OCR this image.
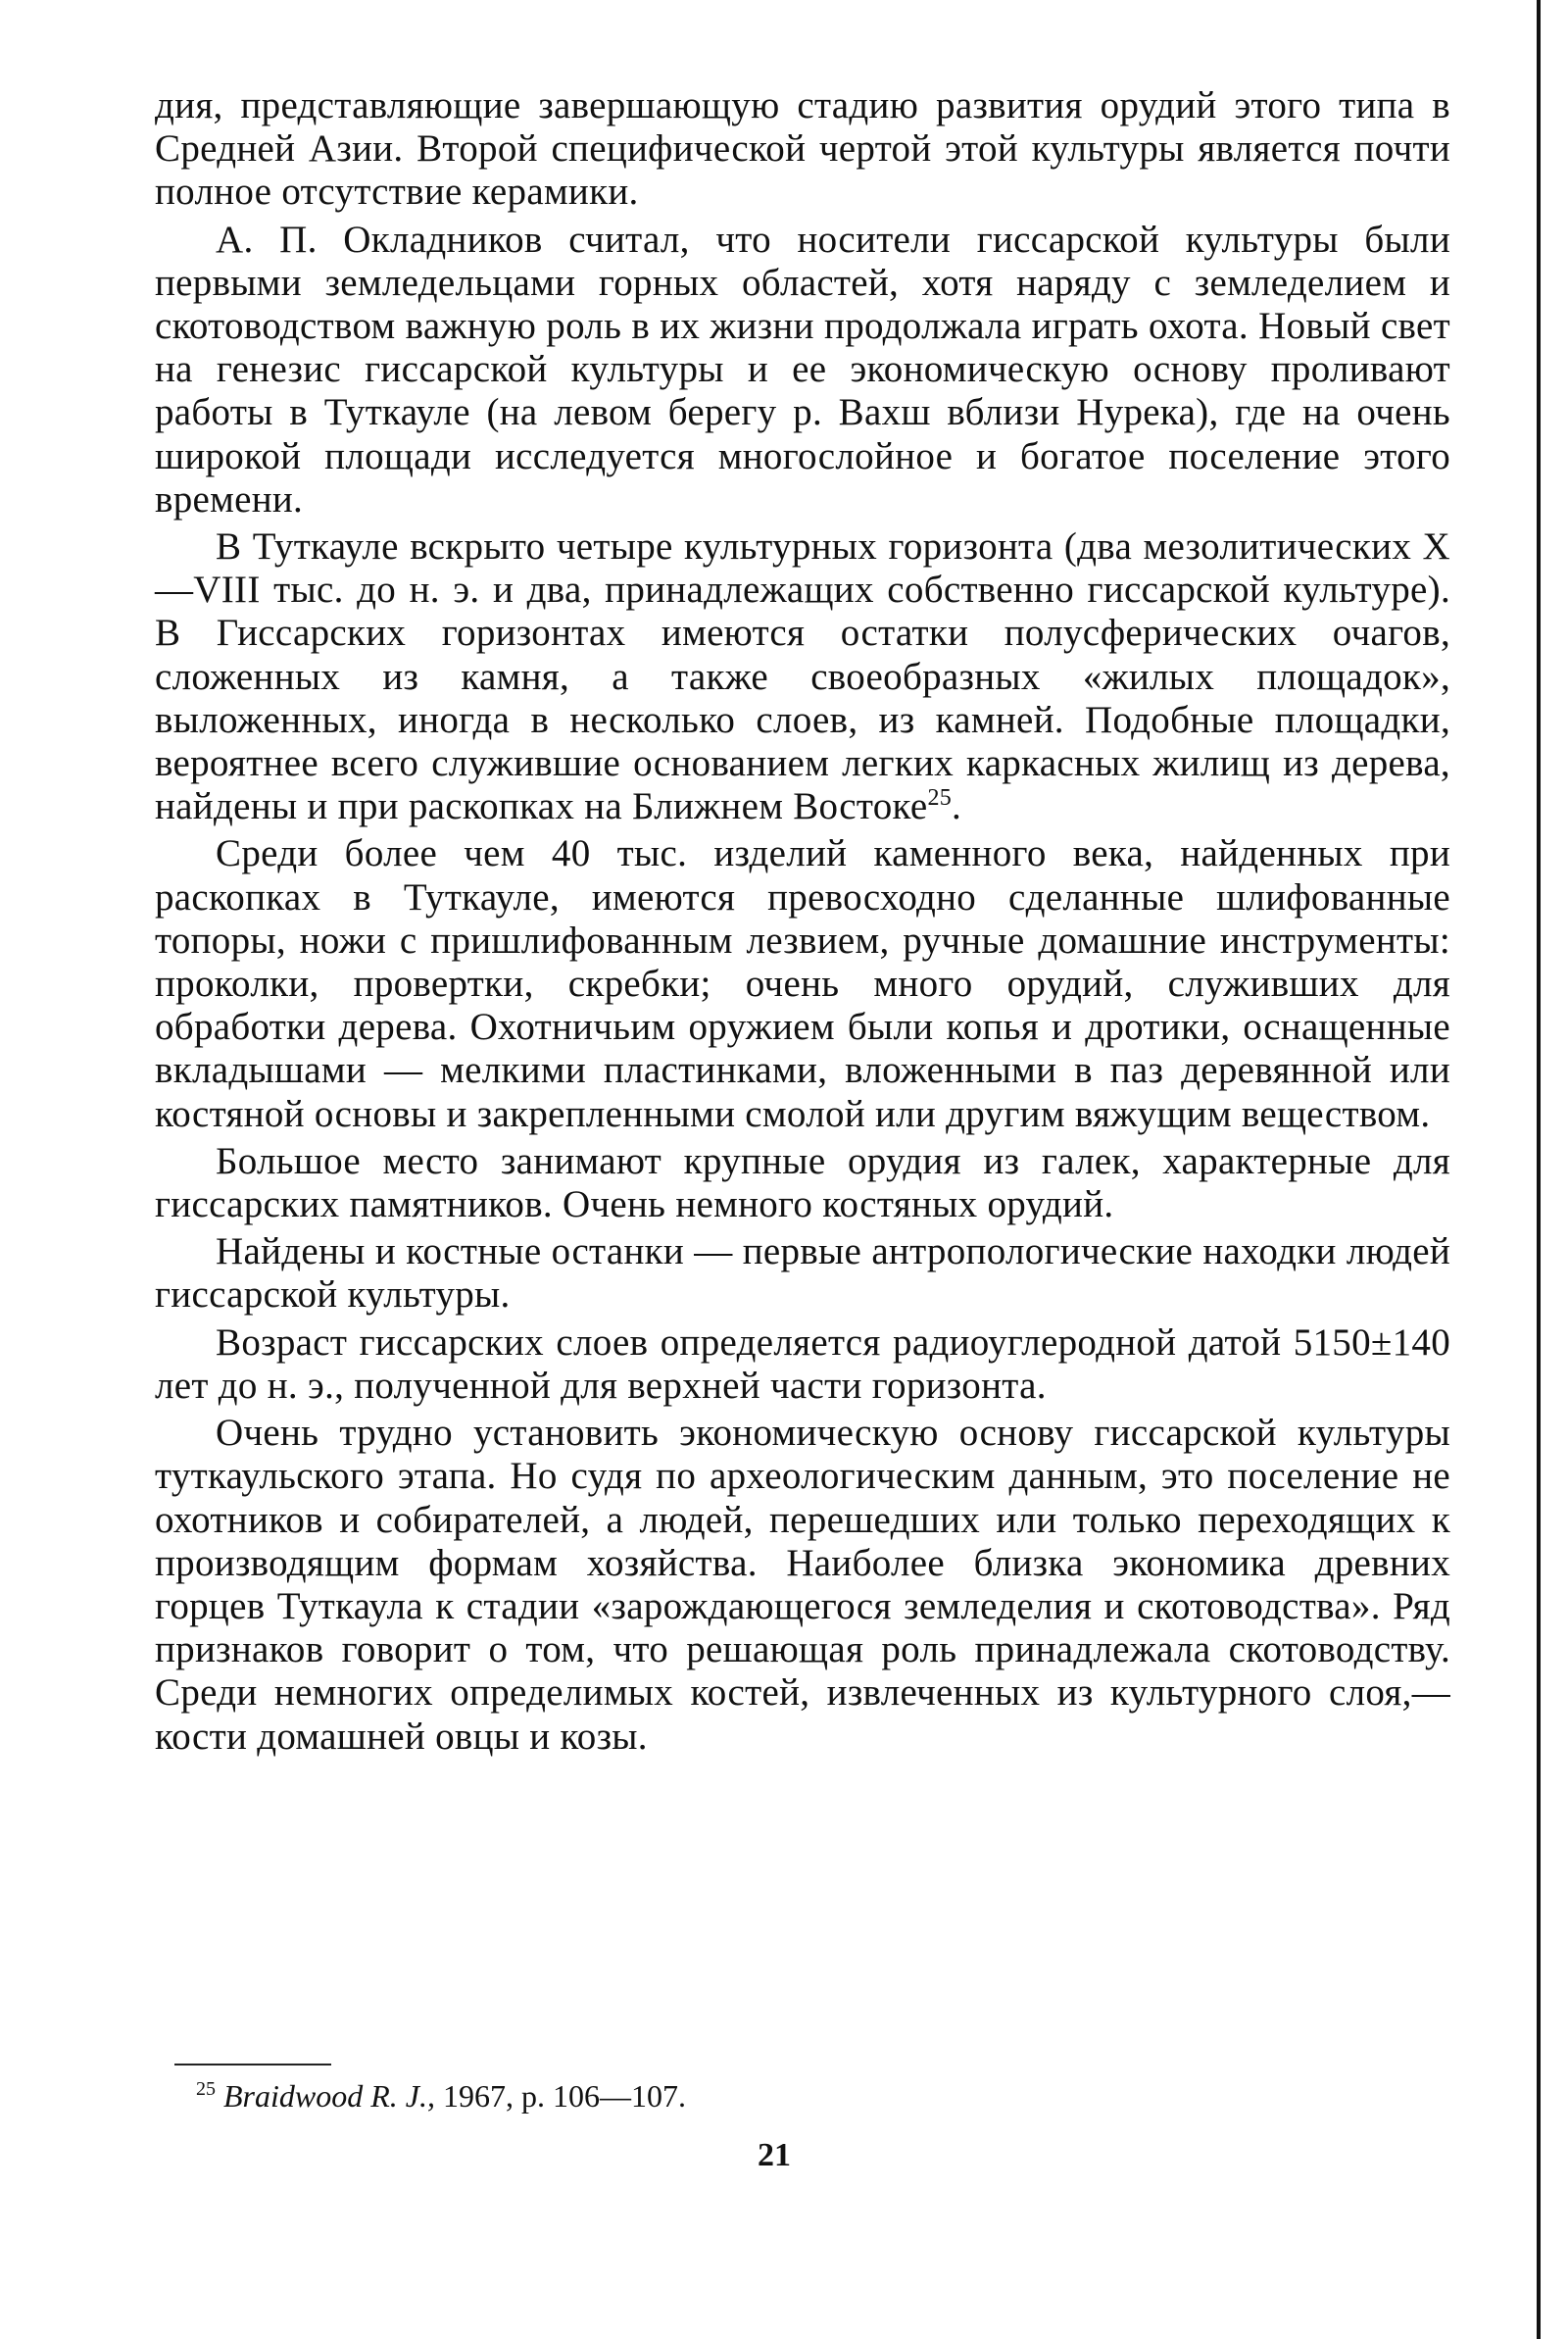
дия, представляющие завершающую стадию развития орудий этого типа в Средней Азии. Второй специфической чертой этой культуры является почти полное отсутствие керамики.

А. П. Окладников считал, что носители гиссарской культуры были первыми земледельцами горных областей, хотя наряду с земледелием и скотоводством важную роль в их жизни продолжала играть охота. Новый свет на генезис гиссарской культуры и ее экономическую основу проливают работы в Туткауле (на левом берегу р. Вахш вблизи Нурека), где на очень широкой площади исследуется многослойное и богатое поселение этого времени.

В Туткауле вскрыто четыре культурных горизонта (два мезолитических X—VIII тыс. до н. э. и два, принадлежащих собственно гиссарской культуре). В Гиссарских горизонтах имеются остатки полусферических очагов, сложенных из камня, а также своеобразных «жилых площадок», выложенных, иногда в несколько слоев, из камней. Подобные площадки, вероятнее всего служившие основанием легких каркасных жилищ из дерева, найдены и при раскопках на Ближнем Востоке$^{25}$.

Среди более чем 40 тыс. изделий каменного века, найденных при раскопках в Туткауле, имеются превосходно сделанные шлифованные топоры, ножи с пришлифованным лезвием, ручные домашние инструменты: проколки, провертки, скребки; очень много орудий, служивших для обработки дерева. Охотничьим оружием были копья и дротики, оснащенные вкладышами — мелкими пластинками, вложенными в паз деревянной или костяной основы и закрепленными смолой или другим вяжущим веществом.

Большое место занимают крупные орудия из галек, характерные для гиссарских памятников. Очень немного костяных орудий.

Найдены и костные останки — первые антропологические находки людей гиссарской культуры.

Возраст гиссарских слоев определяется радиоуглеродной датой 5150±140 лет до н. э., полученной для верхней части горизонта.

Очень трудно установить экономическую основу гиссарской культуры туткаульского этапа. Но судя по археологическим данным, это поселение не охотников и собирателей, а людей, перешедших или только переходящих к производящим формам хозяйства. Наиболее близка экономика древних горцев Туткаула к стадии «зарождающегося земледелия и скотоводства». Ряд признаков говорит о том, что решающая роль принадлежала скотоводству. Среди немногих определимых костей, извлеченных из культурного слоя,— кости домашней овцы и козы.

$^{25}$ Braidwood R. J., 1967, p. 106—107.
21
